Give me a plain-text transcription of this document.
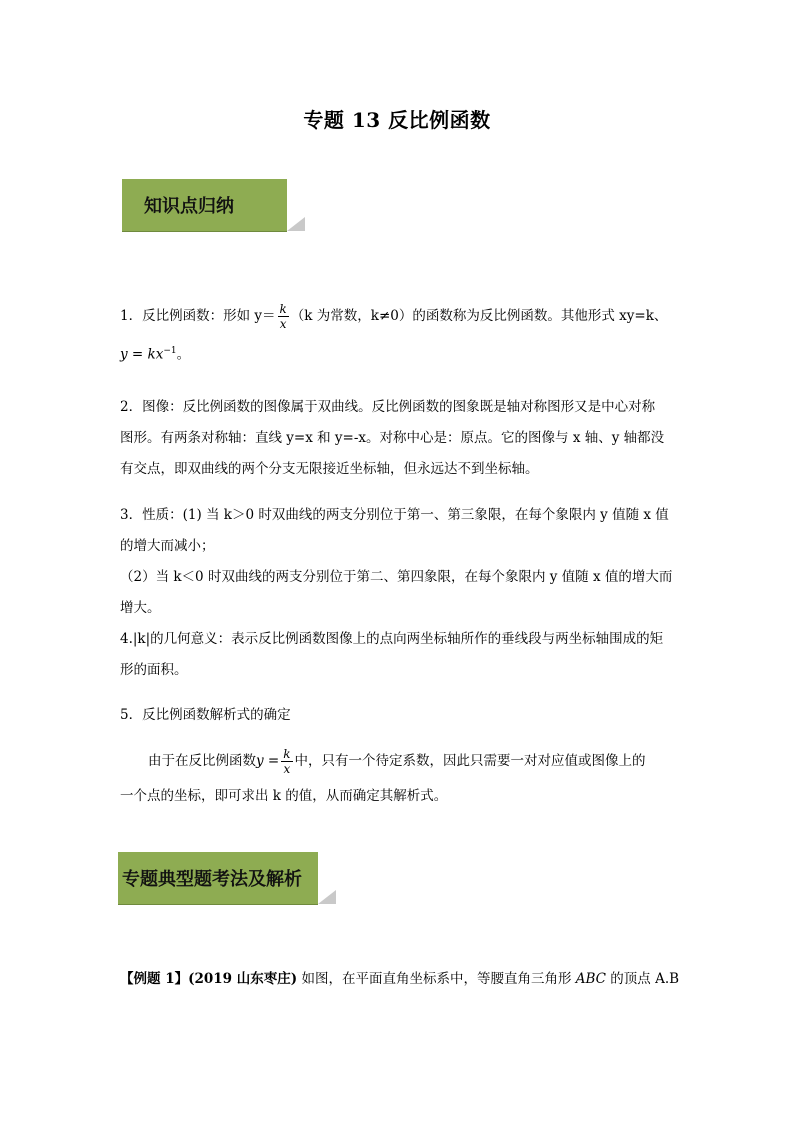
专题 13 反比例函数
知识点归纳
1．反比例函数：形如 $y= \frac{k}{x} (k$ 为常数，k≠0）的函数称为反比例函数。其他形式 xy=k、
$y = kx^{-1}$。
2．图像：反比例函数的图像属于双曲线。反比例函数的图象既是轴对称图形又是中心对称
图形。有两条对称轴：直线 y=x 和 y=-x。对称中心是：原点。它的图像与 x 轴、y 轴都没
有交点，即双曲线的两个分支无限接近坐标轴，但永远达不到坐标轴。
3．性质：(1) 当 k＞0 时双曲线的两支分别位于第一、第三象限，在每个象限内 y 值随 x 值
的增大而减小；
（2）当 k＜0 时双曲线的两支分别位于第二、第四象限，在每个象限内 y 值随 x 值的增大而
增大。
4.|k|的几何意义：表示反比例函数图像上的点向两坐标轴所作的垂线段与两坐标轴围成的矩
形的面积。
5．反比例函数解析式的确定
由于在反比例函数$y = \frac{k}{x}$ 中，只有一个待定系数，因此只需要一对对应值或图像上的
一个点的坐标，即可求出 k 的值，从而确定其解析式。
专题典型题考法及解析
【例题 1】(2019 山东枣庄) 如图，在平面直角坐标系中，等腰直角三角形 ABC 的顶点 A.B
